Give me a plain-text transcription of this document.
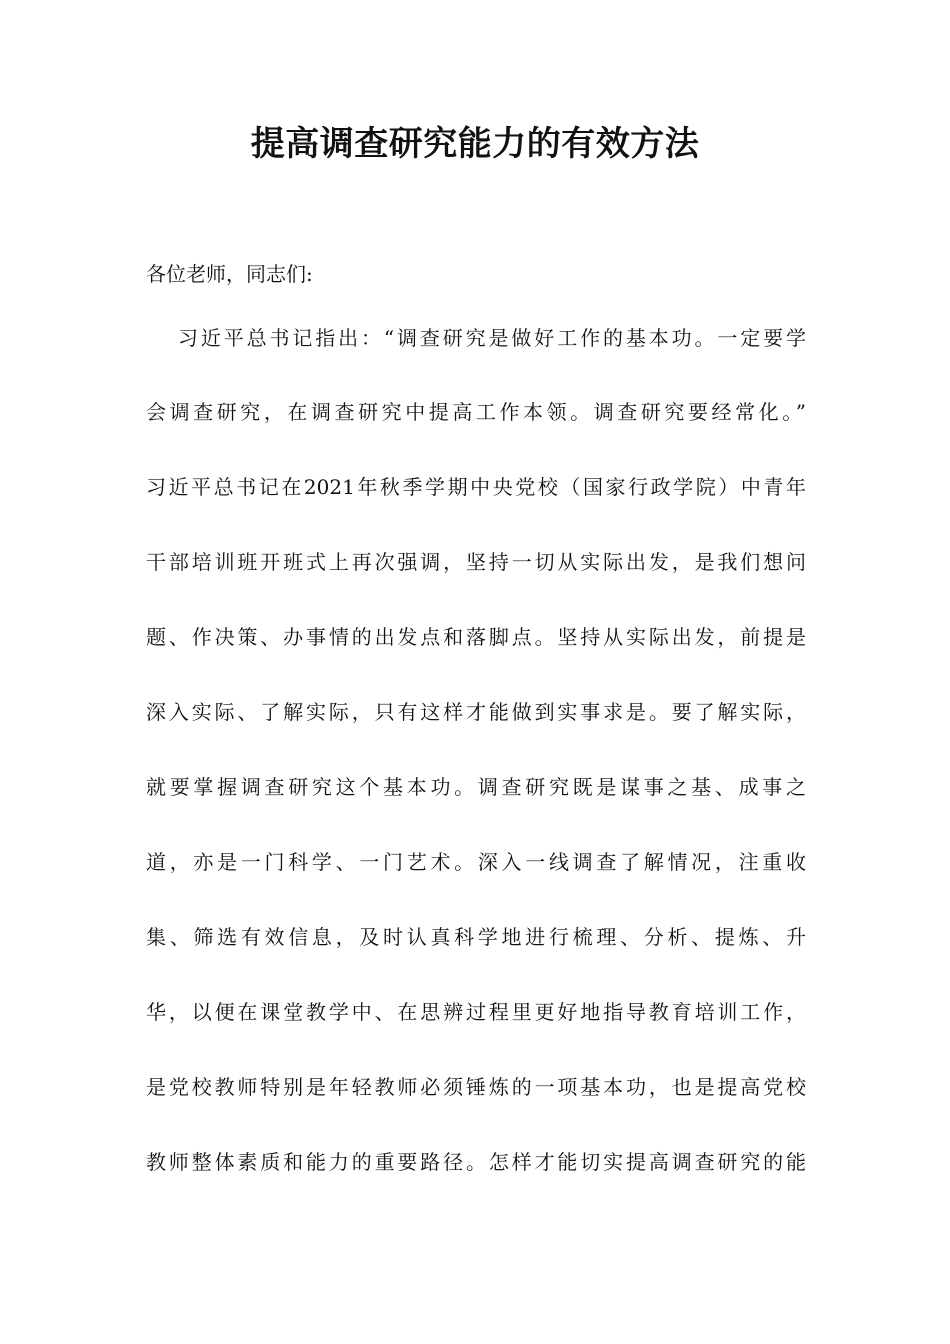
提高调查研究能力的有效方法

各位老师，同志们:

习近平总书记指出：“调查研究是做好工作的基本功。一定要学

会调查研究，在调查研究中提高工作本领。调查研究要经常化。”

习近平总书记在2021年秋季学期中央党校（国家行政学院）中青年

干部培训班开班式上再次强调，坚持一切从实际出发，是我们想问

题、作决策、办事情的出发点和落脚点。坚持从实际出发，前提是

深入实际、了解实际，只有这样才能做到实事求是。要了解实际，

就要掌握调查研究这个基本功。调查研究既是谋事之基、成事之

道，亦是一门科学、一门艺术。深入一线调查了解情况，注重收

集、筛选有效信息，及时认真科学地进行梳理、分析、提炼、升

华，以便在课堂教学中、在思辨过程里更好地指导教育培训工作，

是党校教师特别是年轻教师必须锤炼的一项基本功，也是提高党校

教师整体素质和能力的重要路径。怎样才能切实提高调查研究的能
